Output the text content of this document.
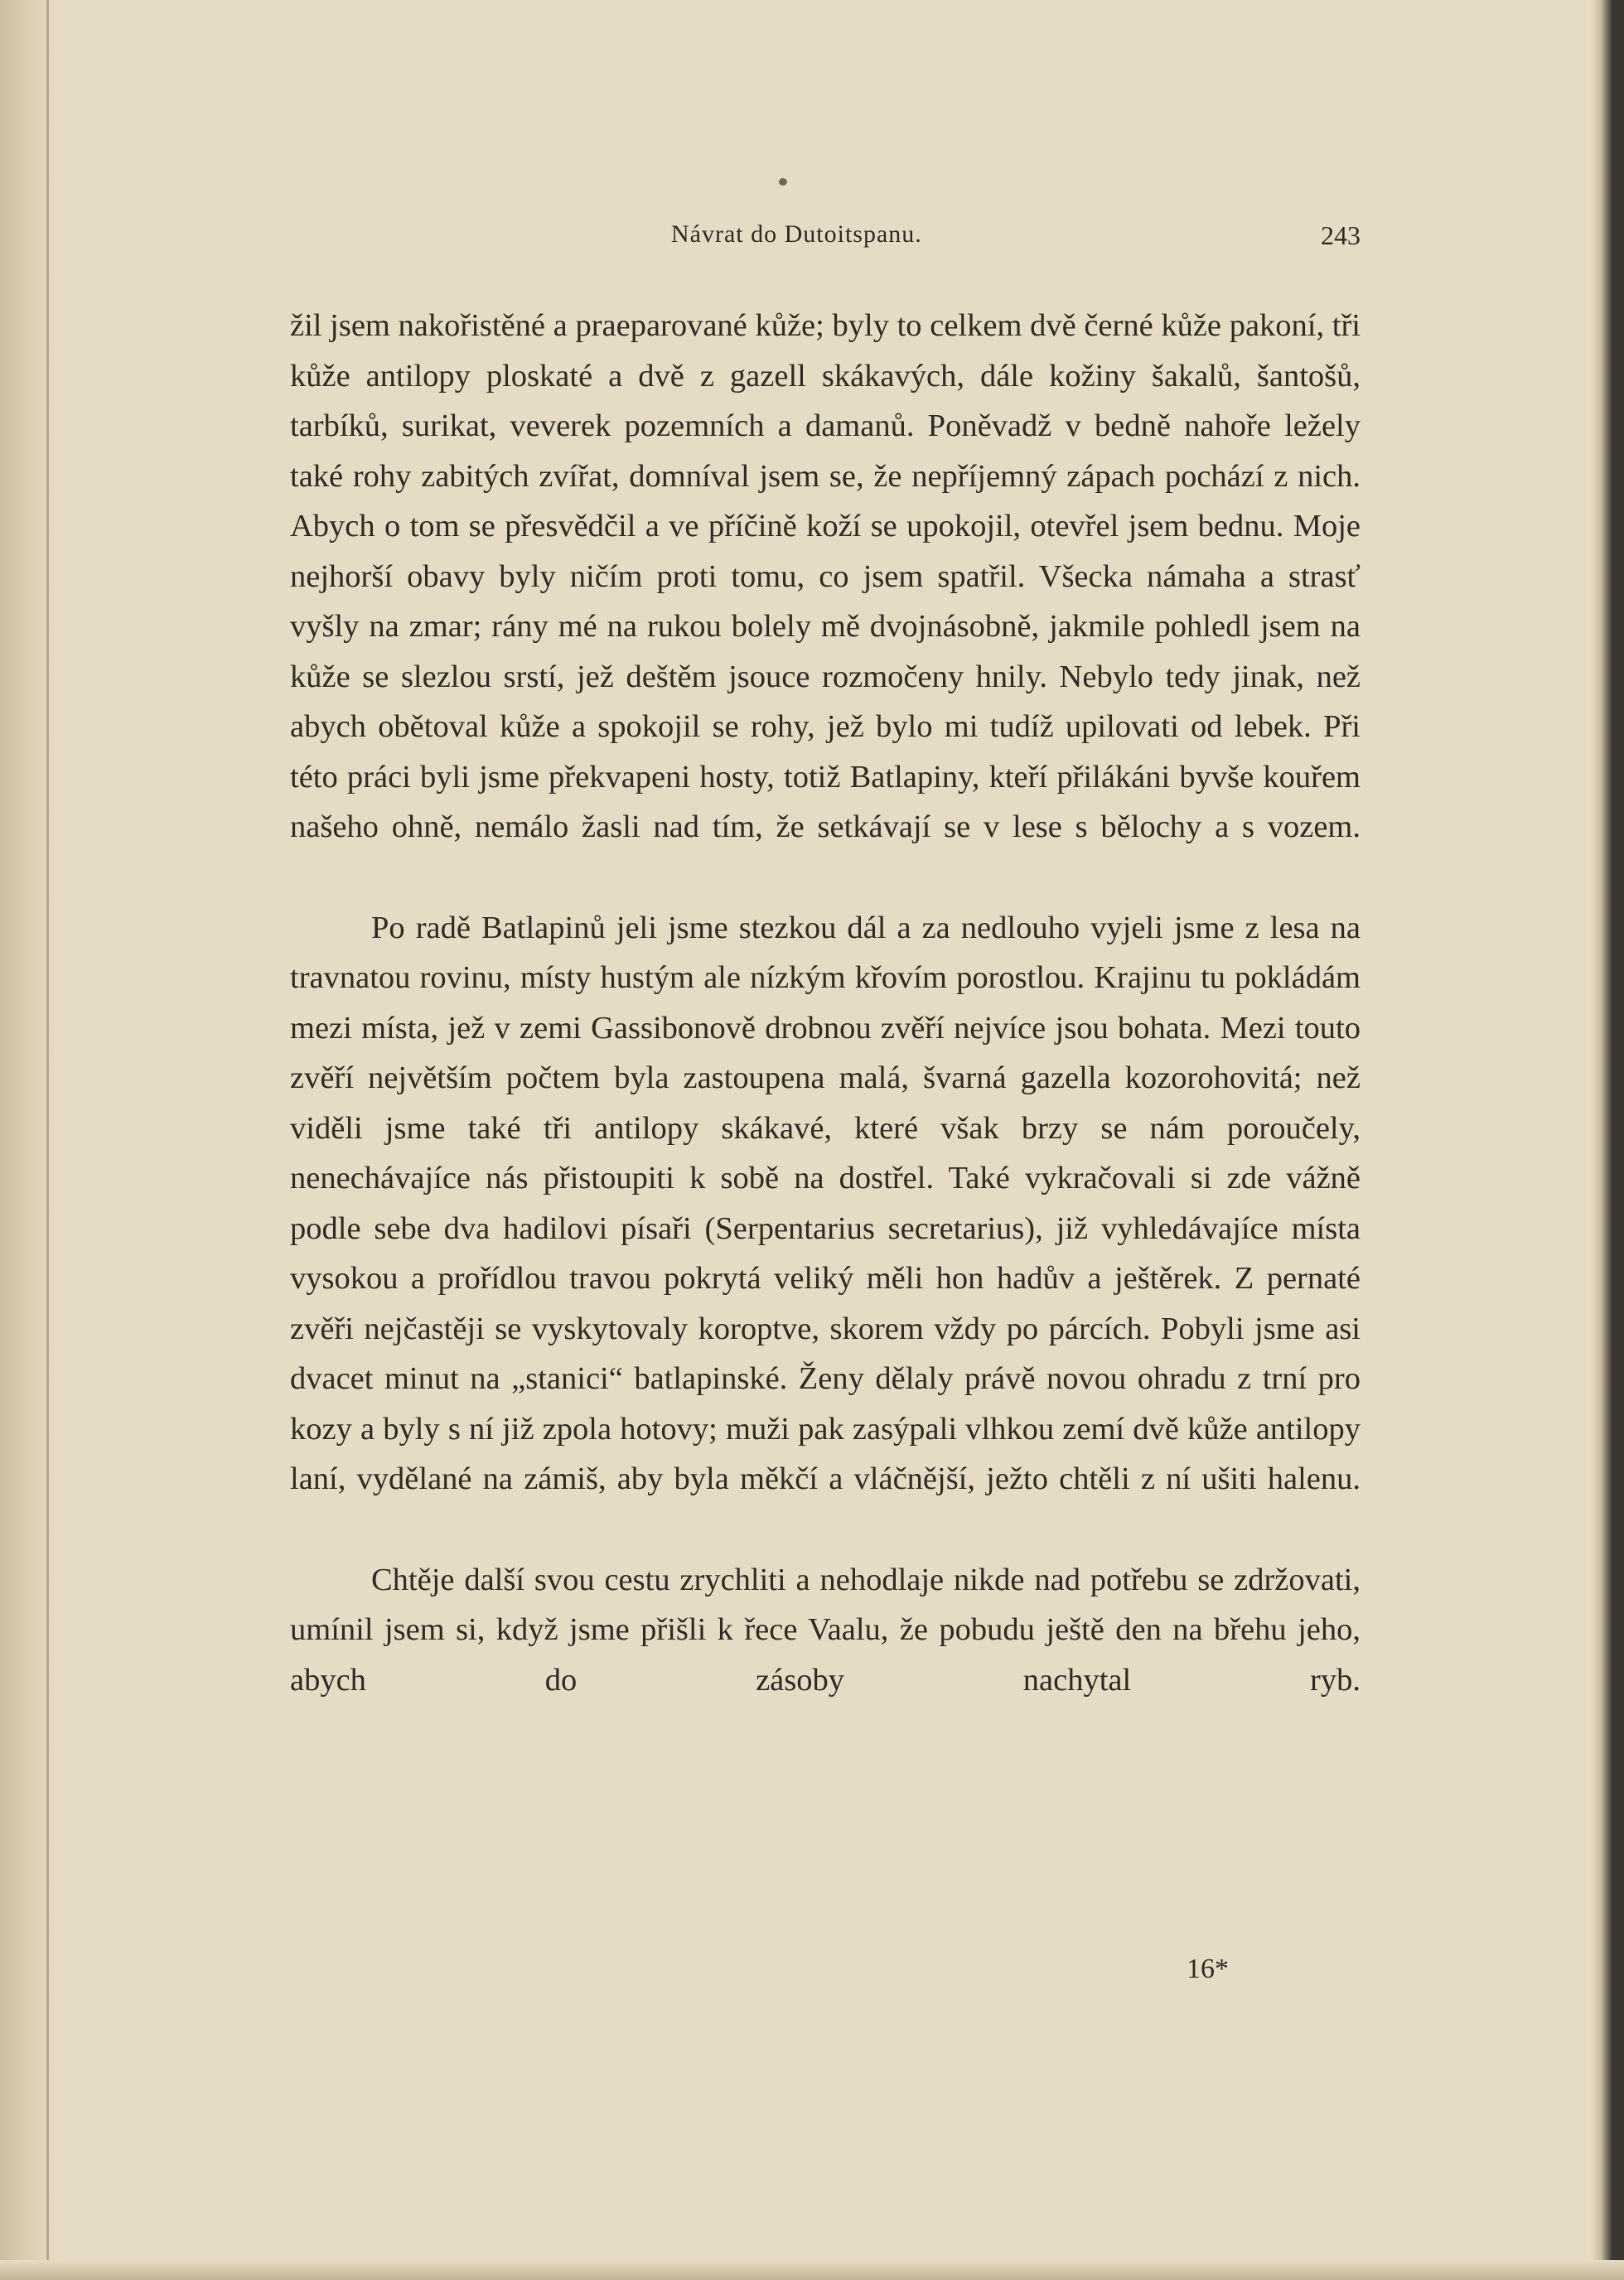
Návrat do Dutoitspanu.	243

žil jsem nakořistěné a praeparované kůže; byly to celkem dvě černé kůže pakoní, tři kůže antilopy ploskaté a dvě z gazell skákavých, dále kožiny šakalů, šantošů, tarbíků, surikat, veverek pozemních a damanů. Poněvadž v bedně nahoře ležely také rohy zabitých zvířat, domníval jsem se, že nepříjemný zápach pochází z nich. Abych o tom se přesvědčil a ve příčině koží se upokojil, otevřel jsem bednu. Moje nejhorší obavy byly ničím proti tomu, co jsem spatřil. Všecka námaha a strasť vyšly na zmar; rány mé na rukou bolely mě dvojnásobně, jakmile pohledl jsem na kůže se slezlou srstí, jež deštěm jsouce rozmočeny hnily. Nebylo tedy jinak, než abych obětoval kůže a spokojil se rohy, jež bylo mi tudíž upilovati od lebek. Při této práci byli jsme překvapeni hosty, totiž Batlapiny, kteří přilákáni byvše kouřem našeho ohně, nemálo žasli nad tím, že setkávají se v lese s bělochy a s vozem.

Po radě Batlapinů jeli jsme stezkou dál a za nedlouho vyjeli jsme z lesa na travnatou rovinu, místy hustým ale nízkým křovím porostlou. Krajinu tu pokládám mezi místa, jež v zemi Gassibonově drobnou zvěří nejvíce jsou bohata. Mezi touto zvěří největším počtem byla zastoupena malá, švarná gazella kozorohovitá; než viděli jsme také tři antilopy skákavé, které však brzy se nám poroučely, nenechávajíce nás přistoupiti k sobě na dostřel. Také vykračovali si zde vážně podle sebe dva hadilovi písaři (Serpentarius secretarius), již vyhledávajíce místa vysokou a prořídlou travou pokrytá veliký měli hon hadův a ještěrek. Z pernaté zvěři nejčastěji se vyskytovaly koroptve, skorem vždy po párcích. Pobyli jsme asi dvacet minut na „stanici“ batlapinské. Ženy dělaly právě novou ohradu z trní pro kozy a byly s ní již zpola hotovy; muži pak zasýpali vlhkou zemí dvě kůže antilopy laní, vydělané na zámiš, aby byla měkčí a vláčnější, ježto chtěli z ní ušiti halenu.

Chtěje další svou cestu zrychliti a nehodlaje nikde nad potřebu se zdržovati, umínil jsem si, když jsme přišli k řece Vaalu, že pobudu ještě den na břehu jeho, abych do zásoby nachytal ryb.

16*
